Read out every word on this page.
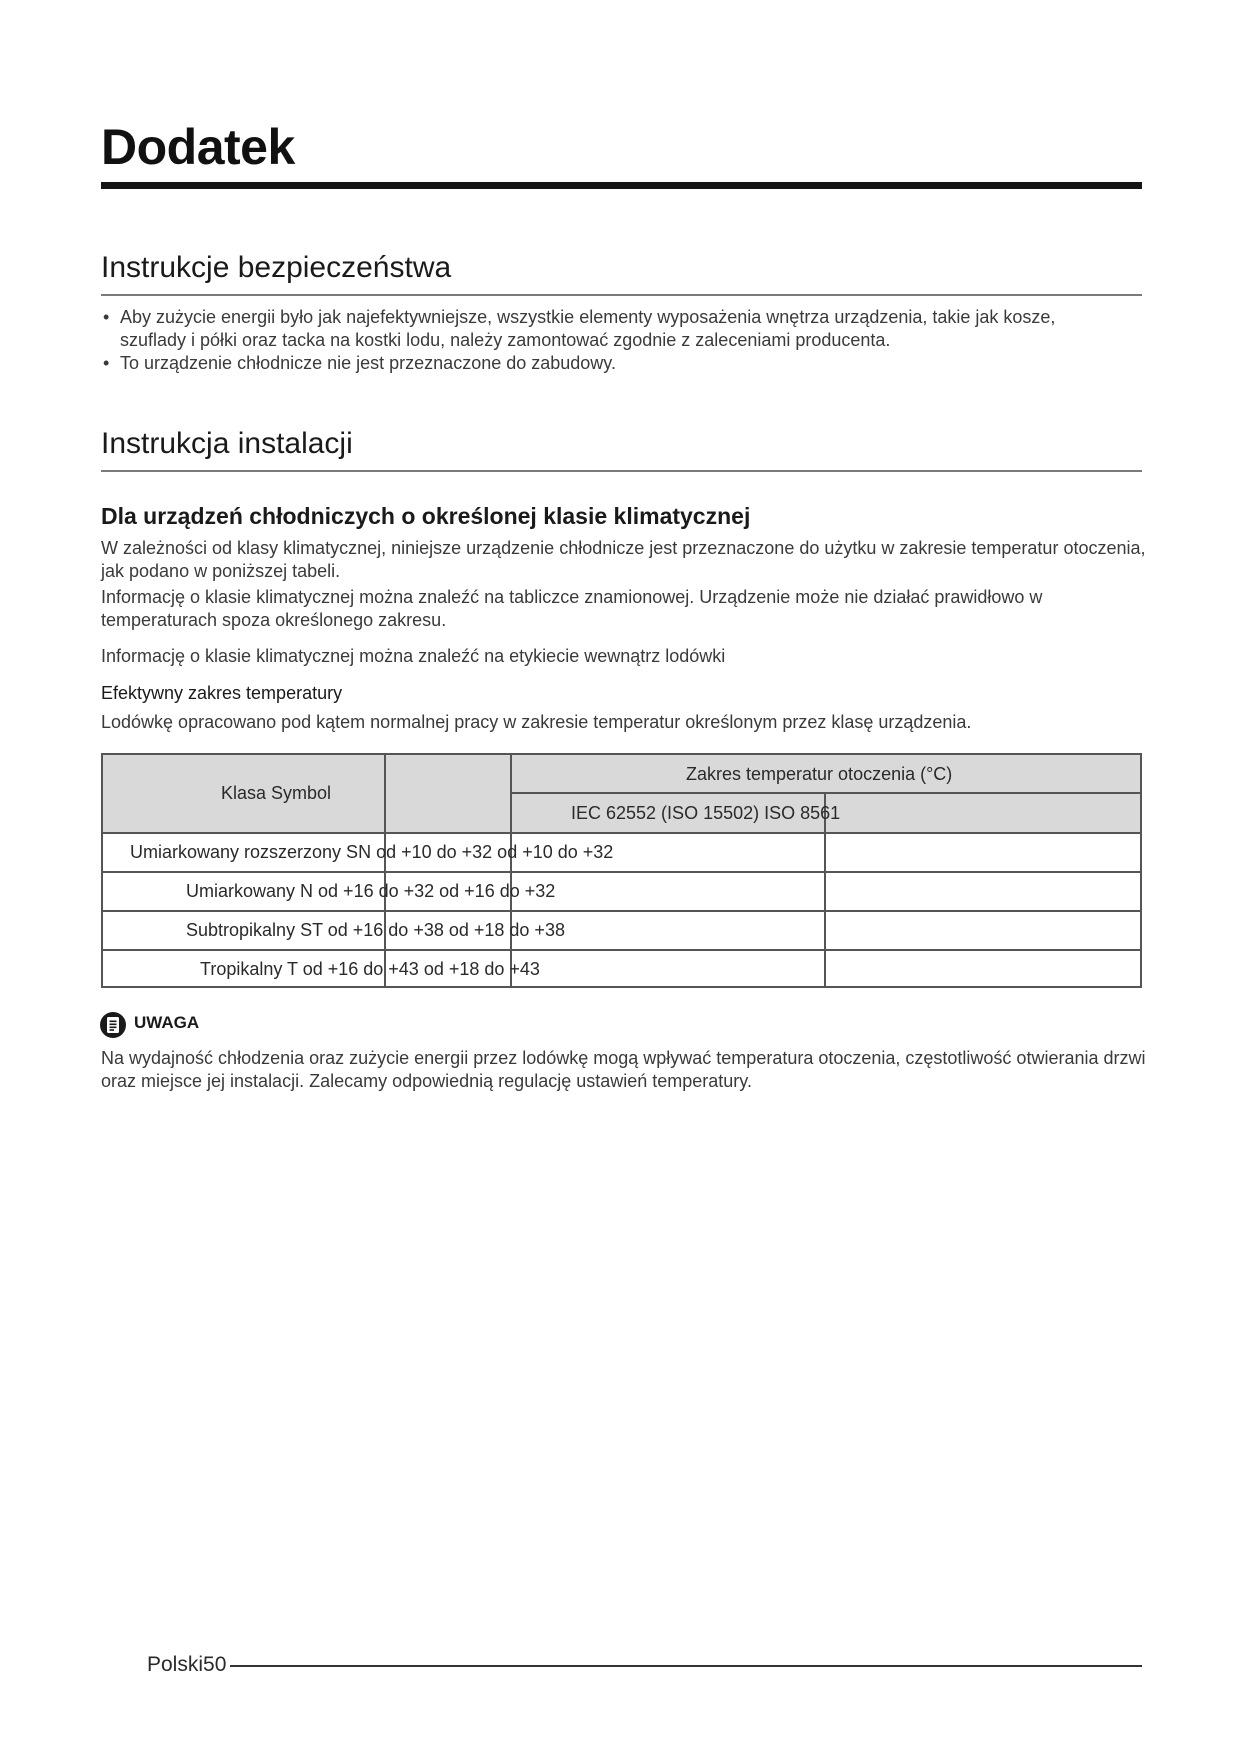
Dodatek
Instrukcje bezpieczeństwa
• Aby zużycie energii było jak najefektywniejsze, wszystkie elementy wyposażenia wnętrza urządzenia, takie jak kosze, szuflady i półki oraz tacka na kostki lodu, należy zamontować zgodnie z zaleceniami producenta.
• To urządzenie chłodnicze nie jest przeznaczone do zabudowy.
Instrukcja instalacji
Dla urządzeń chłodniczych o określonej klasie klimatycznej

W zależności od klasy klimatycznej, niniejsze urządzenie chłodnicze jest przeznaczone do użytku w zakresie temperatur otoczenia, jak podano w poniższej tabeli.

Informację o klasie klimatycznej można znaleźć na tabliczce znamionowej. Urządzenie może nie działać prawidłowo w temperaturach spoza określonego zakresu.

Informację o klasie klimatycznej można znaleźć na etykiecie wewnątrz lodówki

Efektywny zakres temperatury

Lodówkę opracowano pod kątem normalnej pracy w zakresie temperatur określonym przez klasę urządzenia.

Klasa Symbol
Zakres temperatur otoczenia (°C)
IEC 62552 (ISO 15502) ISO 8561
Umiarkowany rozszerzony SN od +10 do +32 od +10 do +32
Umiarkowany N od +16 do +32 od +16 do +32
Subtropikalny ST od +16 do +38 od +18 do +38
Tropikalny T od +16 do +43 od +18 do +43
UWAGA

Na wydajność chłodzenia oraz zużycie energii przez lodówkę mogą wpływać temperatura otoczenia, częstotliwość otwierania drzwi oraz miejsce jej instalacji. Zalecamy odpowiednią regulację ustawień temperatury.

Polski50
